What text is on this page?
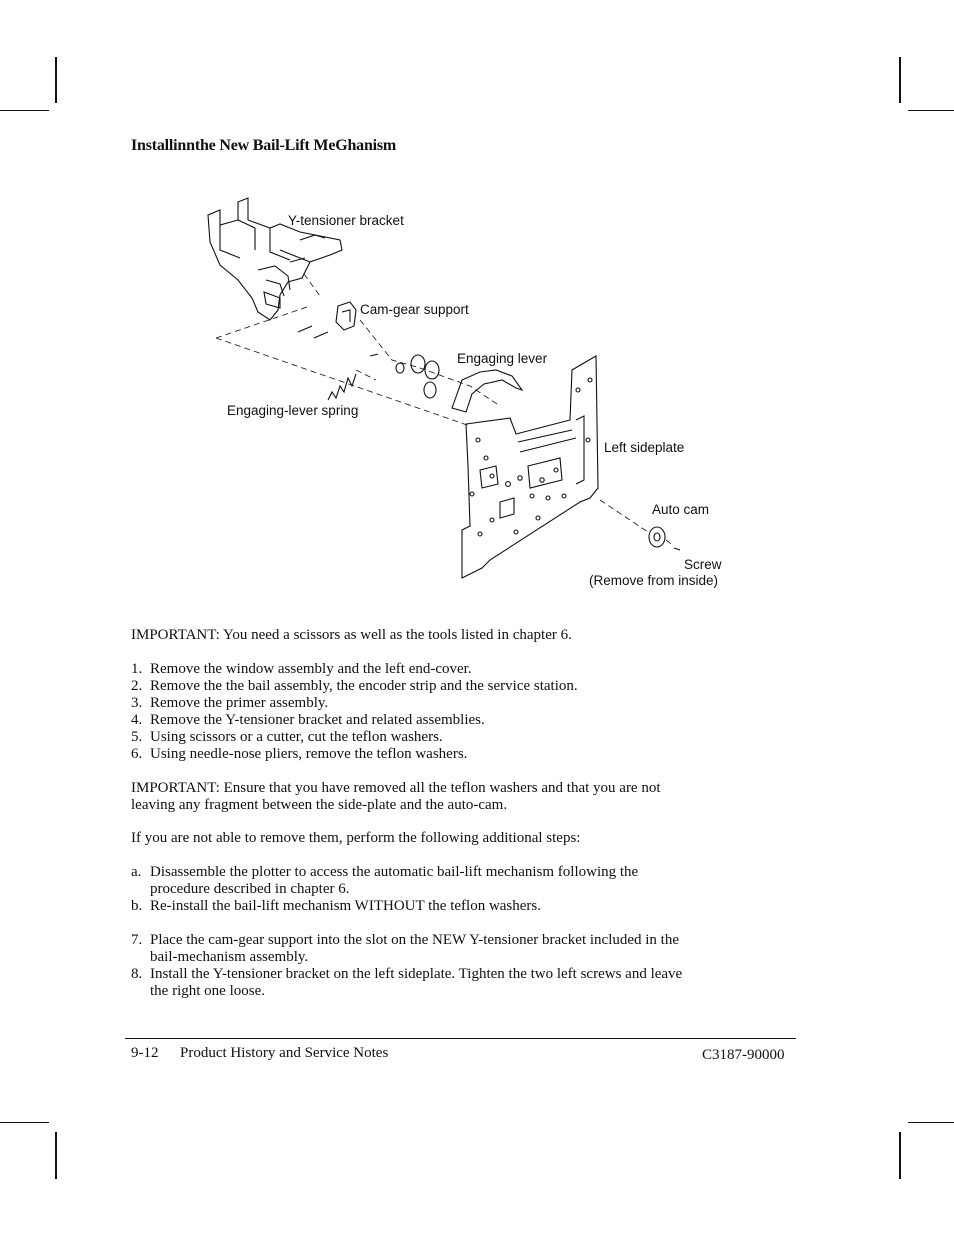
Installinnthe New Bail-Lift MeGhanism
Y-tensioner bracket
Cam-gear support
Engaging lever
Engaging-lever spring
Left sideplate
Auto cam
Screw
(Remove from inside)
IMPORTANT: You need a scissors as well as the tools listed in chapter 6.
1. Remove the window assembly and the left end-cover.
2. Remove the the bail assembly, the encoder strip and the service station.
3. Remove the primer assembly.
4. Remove the Y-tensioner bracket and related assemblies.
5. Using scissors or a cutter, cut the teflon washers.
6. Using needle-nose pliers, remove the teflon washers.
IMPORTANT: Ensure that you have removed all the teflon washers and that you are not
leaving any fragment between the side-plate and the auto-cam.
If you are not able to remove them, perform the following additional steps:
a. Disassemble the plotter to access the automatic bail-lift mechanism following the
procedure described in chapter 6.
b. Re-install the bail-lift mechanism WITHOUT the teflon washers.
7. Place the cam-gear support into the slot on the NEW Y-tensioner bracket included in the
bail-mechanism assembly.
8. Install the Y-tensioner bracket on the left sideplate. Tighten the two left screws and leave
the right one loose.
9-12 Product History and Service Notes	C3187-90000
